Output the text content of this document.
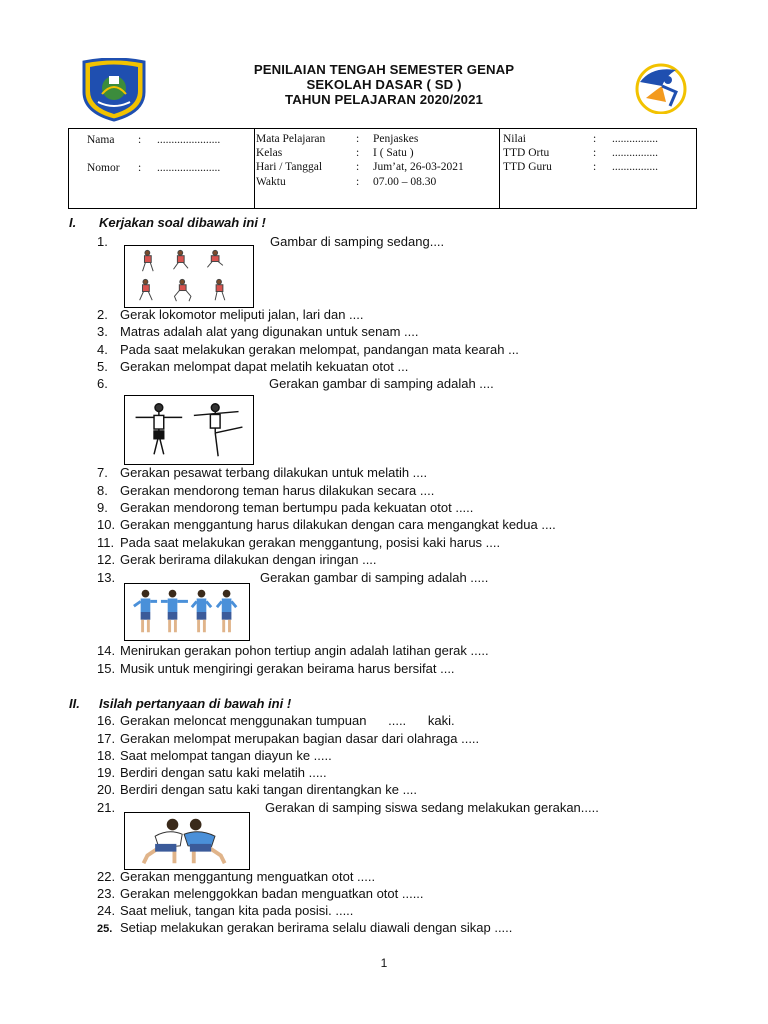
PENILAIAN TENGAH SEMESTER GENAP
SEKOLAH DASAR ( SD )
TAHUN PELAJARAN 2020/2021
Nama : ......................
Nomor : ......................
Mata Pelajaran	: Penjaskes
Kelas	: I ( Satu )
Hari / Tanggal	: Jum’at, 26-03-2021
Waktu	: 07.00 – 08.30
Nilai	: ................
TTD Ortu	: ................
TTD Guru	: ................
I. Kerjakan soal dibawah ini !
1.	Gambar di samping sedang....
2. Gerak lokomotor meliputi jalan, lari dan ....
3. Matras adalah alat yang digunakan untuk senam ....
4. Pada saat melakukan gerakan melompat, pandangan mata kearah ...
5. Gerakan melompat dapat melatih kekuatan otot ...
6.	Gerakan gambar di samping adalah ....
7. Gerakan pesawat terbang dilakukan untuk melatih ....
8. Gerakan mendorong teman harus dilakukan secara ....
9. Gerakan mendorong teman bertumpu pada kekuatan otot .....
10. Gerakan menggantung harus dilakukan dengan cara mengangkat kedua ....
11. Pada saat melakukan gerakan menggantung, posisi kaki harus ....
12. Gerak berirama dilakukan dengan iringan ....
13.	Gerakan gambar di samping adalah .....
14. Menirukan gerakan pohon tertiup angin adalah latihan gerak .....
15. Musik untuk mengiringi gerakan beirama harus bersifat ....
II. Isilah pertanyaan di bawah ini !
16. Gerakan meloncat menggunakan tumpuan      .....      kaki.
17. Gerakan melompat merupakan bagian dasar dari olahraga .....
18. Saat melompat tangan diayun ke .....
19. Berdiri dengan satu kaki melatih .....
20. Berdiri dengan satu kaki tangan direntangkan ke ....
21.	Gerakan di samping siswa sedang melakukan gerakan.....
22. Gerakan menggantung menguatkan otot .....
23. Gerakan melenggokkan badan menguatkan otot ......
24. Saat meliuk, tangan kita pada posisi. .....
25. Setiap melakukan gerakan berirama selalu diawali dengan sikap .....
1
